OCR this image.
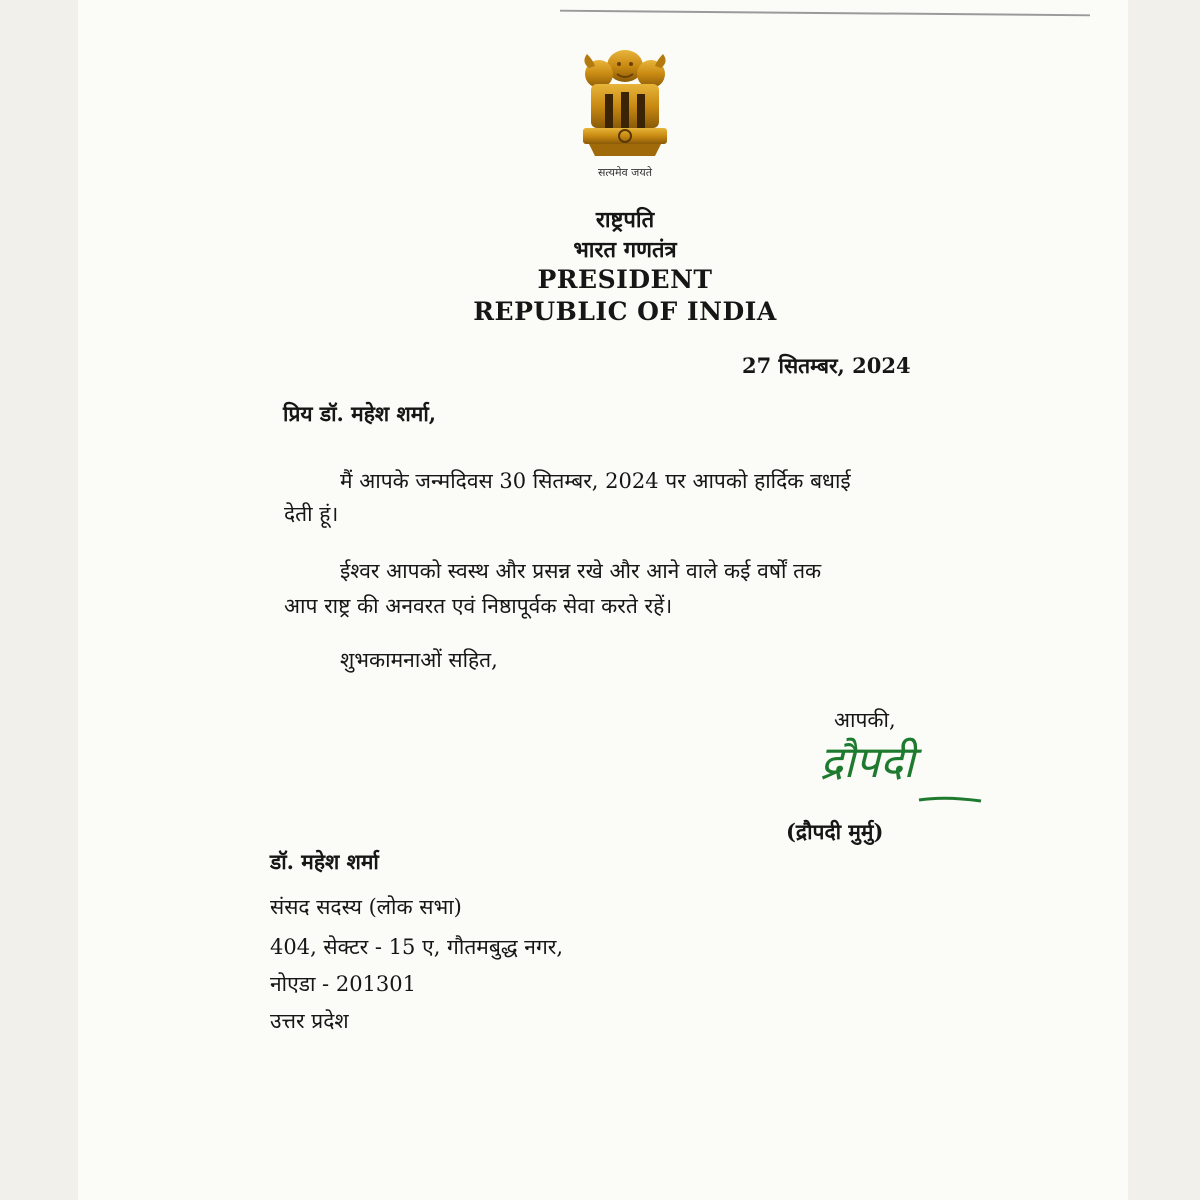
सत्यमेव जयते
राष्ट्रपति
भारत गणतंत्र
PRESIDENT
REPUBLIC OF INDIA
27 सितम्बर, 2024
प्रिय डॉ. महेश शर्मा,
मैं आपके जन्मदिवस 30 सितम्बर, 2024 पर आपको हार्दिक बधाई
देती हूं।
ईश्वर आपको स्वस्थ और प्रसन्न रखे और आने वाले कई वर्षों तक
आप राष्ट्र की अनवरत एवं निष्ठापूर्वक सेवा करते रहें।
शुभकामनाओं सहित,
आपकी,
द्रौपदी
(द्रौपदी मुर्मु)
डॉ. महेश शर्मा
संसद सदस्य (लोक सभा)
404, सेक्टर - 15 ए, गौतमबुद्ध नगर,
नोएडा - 201301
उत्तर प्रदेश
